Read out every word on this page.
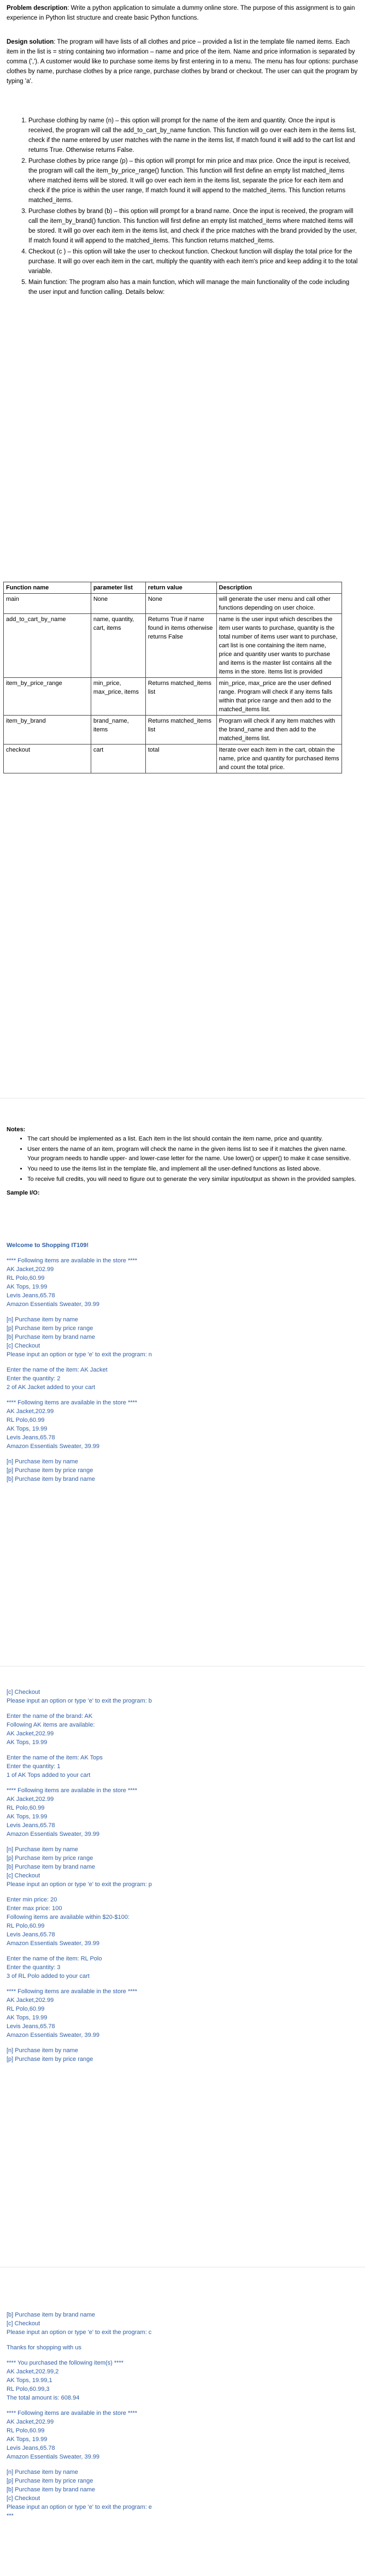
Problem description: Write a python application to simulate a dummy online store. The purpose of this assignment is to gain experience in Python list structure and create basic Python functions.
Design solution: The program will have lists of all clothes and price – provided a list in the template file named items. Each item in the list is = string containing two information – name and price of the item. Name and price information is separated by comma (','). A customer would like to purchase some items by first entering in to a menu. The menu has four options: purchase clothes by name, purchase clothes by a price range, purchase clothes by brand or checkout. The user can quit the program by typing 'a'.
1. Purchase clothing by name (n) – this option will prompt for the name of the item and quantity. Once the input is received, the program will call the add_to_cart_by_name function. This function will go over each item in the items list, check if the name entered by user matches with the name in the items list, If match found it will add to the cart list and returns True. Otherwise returns False.
2. Purchase clothes by price range (p) – this option will prompt for min price and max price. Once the input is received, the program will call the item_by_price_range() function. This function will first define an empty list matched_items where matched items will be stored. It will go over each item in the items list, separate the price for each item and check if the price is within the user range, If match found it will append to the matched_items. This function returns matched_items.
3. Purchase clothes by brand (b) – this option will prompt for a brand name. Once the input is received, the program will call the item_by_brand() function. This function will first define an empty list matched_items where matched items will be stored. It will go over each item in the items list, and check if the price matches with the brand provided by the user, If match found it will append to the matched_items. This function returns matched_items.
4. Checkout (c ) – this option will take the user to checkout function. Checkout function will display the total price for the purchase. It will go over each item in the cart, multiply the quantity with each item's price and keep adding it to the total variable.
5. Main function: The program also has a main function, which will manage the main functionality of the code including the user input and function calling. Details below:
Function name	parameter list	return value	Description
main	None	None	will generate the user menu and call other functions depending on user choice.
add_to_cart_by_name	name, quantity, cart, items	Returns True if name found in items otherwise returns False	name is the user input which describes the item user wants to purchase, quantity is the total number of items user want to purchase, cart list is one containing the item name, price and quantity user wants to purchase and items is the master list contains all the items in the store. Items list is provided
item_by_price_range	min_price, max_price, items	Returns matched_items list	min_price, max_price are the user defined range. Program will check if any items falls within that price range and then add to the matched_items list.
item_by_brand	brand_name, items	Returns matched_items list	Program will check if any item matches with the brand_name and then add to the matched_items list.
checkout	cart	total	Iterate over each item in the cart, obtain the name, price and quantity for purchased items and count the total price.
Notes:
• The cart should be implemented as a list. Each item in the list should contain the item name, price and quantity.
• User enters the name of an item, program will check the name in the given items list to see if it matches the given name. Your program needs to handle upper- and lower-case letter for the name. Use lower() or upper() to make it case sensitive.
• You need to use the items list in the template file, and implement all the user-defined functions as listed above.
• To receive full credits, you will need to figure out to generate the very similar input/output as shown in the provided samples.
Sample I/O:
Welcome to Shopping IT109!
**** Following items are available in the store ****
AK Jacket,202.99
RL Polo,60.99
AK Tops, 19.99
Levis Jeans,65.78
Amazon Essentials Sweater, 39.99
[n] Purchase item by name
[p] Purchase item by price range
[b] Purchase item by brand name
[c] Checkout
Please input an option or type 'e' to exit the program: n
Enter the name of the item: AK Jacket
Enter the quantity: 2
2 of AK Jacket added to your cart
**** Following items are available in the store ****
AK Jacket,202.99
RL Polo,60.99
AK Tops, 19.99
Levis Jeans,65.78
Amazon Essentials Sweater, 39.99
[n] Purchase item by name
[p] Purchase item by price range
[b] Purchase item by brand name
[c] Checkout
Please input an option or type 'e' to exit the program: b
Enter the name of the brand: AK
Following AK items are available:
AK Jacket,202.99
AK Tops, 19.99
Enter the name of the item: AK Tops
Enter the quantity: 1
1 of AK Tops added to your cart
**** Following items are available in the store ****
AK Jacket,202.99
RL Polo,60.99
AK Tops, 19.99
Levis Jeans,65.78
Amazon Essentials Sweater, 39.99
[n] Purchase item by name
[p] Purchase item by price range
[b] Purchase item by brand name
[c] Checkout
Please input an option or type 'e' to exit the program: p
Enter min price: 20
Enter max price: 100
Following items are available within $20-$100:
RL Polo,60.99
Levis Jeans,65.78
Amazon Essentials Sweater, 39.99
Enter the name of the item: RL Polo
Enter the quantity: 3
3 of RL Polo added to your cart
**** Following items are available in the store ****
AK Jacket,202.99
RL Polo,60.99
AK Tops, 19.99
Levis Jeans,65.78
Amazon Essentials Sweater, 39.99
[n] Purchase item by name
[p] Purchase item by price range
[b] Purchase item by brand name
[c] Checkout
Please input an option or type 'e' to exit the program: c
Thanks for shopping with us
**** You purchased the following item(s) ****
AK Jacket,202.99,2
AK Tops, 19.99,1
RL Polo,60.99,3
The total amount is: 608.94
**** Following items are available in the store ****
AK Jacket,202.99
RL Polo,60.99
AK Tops, 19.99
Levis Jeans,65.78
Amazon Essentials Sweater, 39.99
[n] Purchase item by name
[p] Purchase item by price range
[b] Purchase item by brand name
[c] Checkout
Please input an option or type 'e' to exit the program: e
***
